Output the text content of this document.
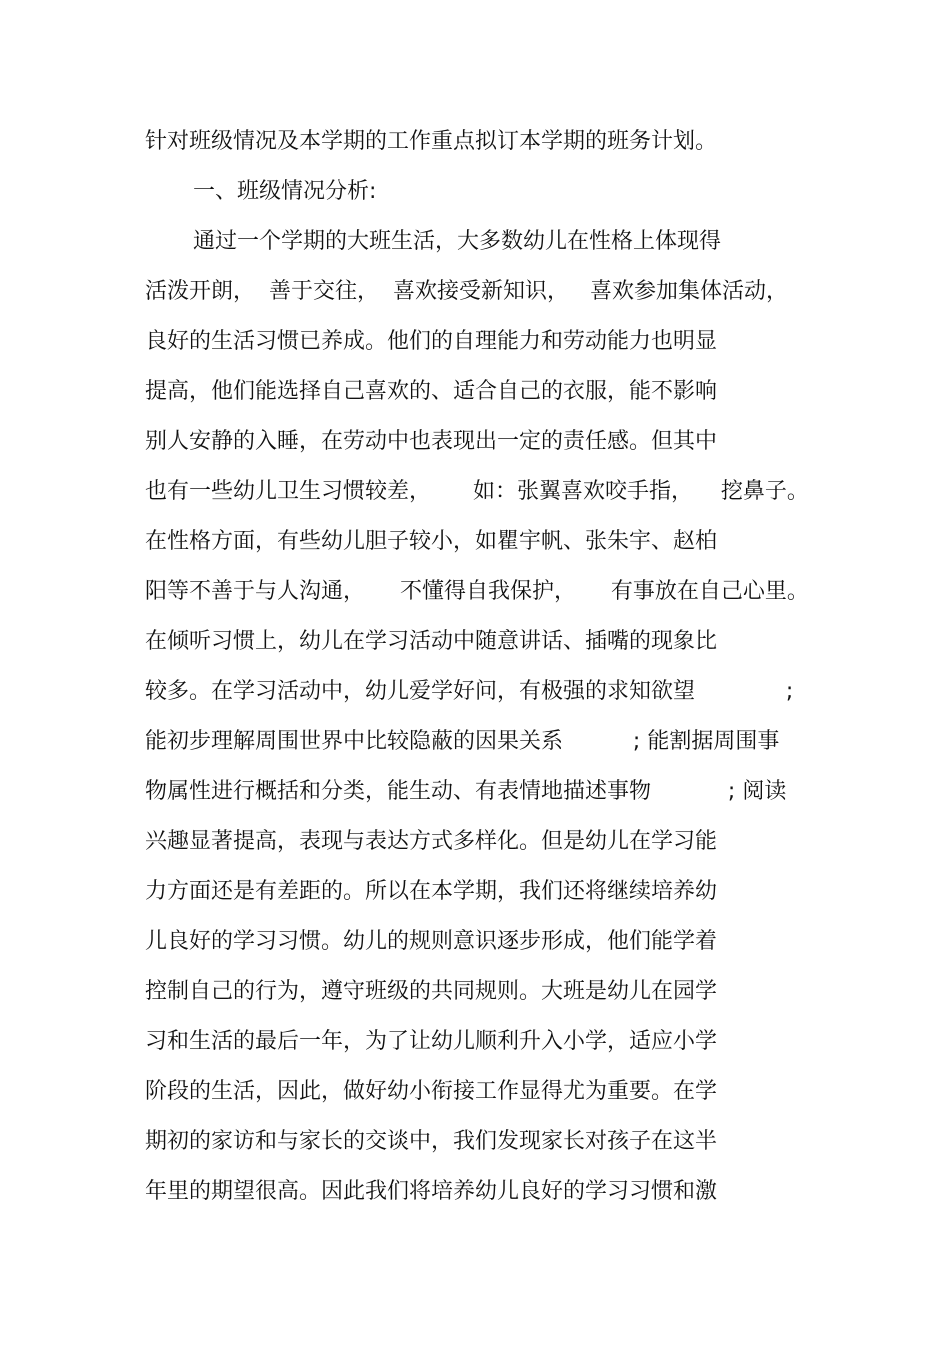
针对班级情况及本学期的工作重点拟订本学期的班务计划。
一、班级情况分析:
通过一个学期的大班生活，大多数幼儿在性格上体现得
活泼开朗，  善于交往，  喜欢接受新知识，   喜欢参加集体活动，
良好的生活习惯已养成。他们的自理能力和劳动能力也明显
提高，他们能选择自己喜欢的、适合自己的衣服，能不影响
别人安静的入睡，在劳动中也表现出一定的责任感。但其中
也有一些幼儿卫生习惯较差，      如：张翼喜欢咬手指，    挖鼻子。
在性格方面，有些幼儿胆子较小，如瞿宇帆、张朱宇、赵柏
阳等不善于与人沟通，     不懂得自我保护，     有事放在自己心里。
在倾听习惯上，幼儿在学习活动中随意讲话、插嘴的现象比
较多。在学习活动中，幼儿爱学好问，有极强的求知欲望             ;
能初步理解周围世界中比较隐蔽的因果关系          ; 能割据周围事
物属性进行概括和分类，能生动、有表情地描述事物           ; 阅读
兴趣显著提高，表现与表达方式多样化。但是幼儿在学习能
力方面还是有差距的。所以在本学期，我们还将继续培养幼
儿良好的学习习惯。幼儿的规则意识逐步形成，他们能学着
控制自己的行为，遵守班级的共同规则。大班是幼儿在园学
习和生活的最后一年，为了让幼儿顺利升入小学，适应小学
阶段的生活，因此，做好幼小衔接工作显得尤为重要。在学
期初的家访和与家长的交谈中，我们发现家长对孩子在这半
年里的期望很高。因此我们将培养幼儿良好的学习习惯和激
